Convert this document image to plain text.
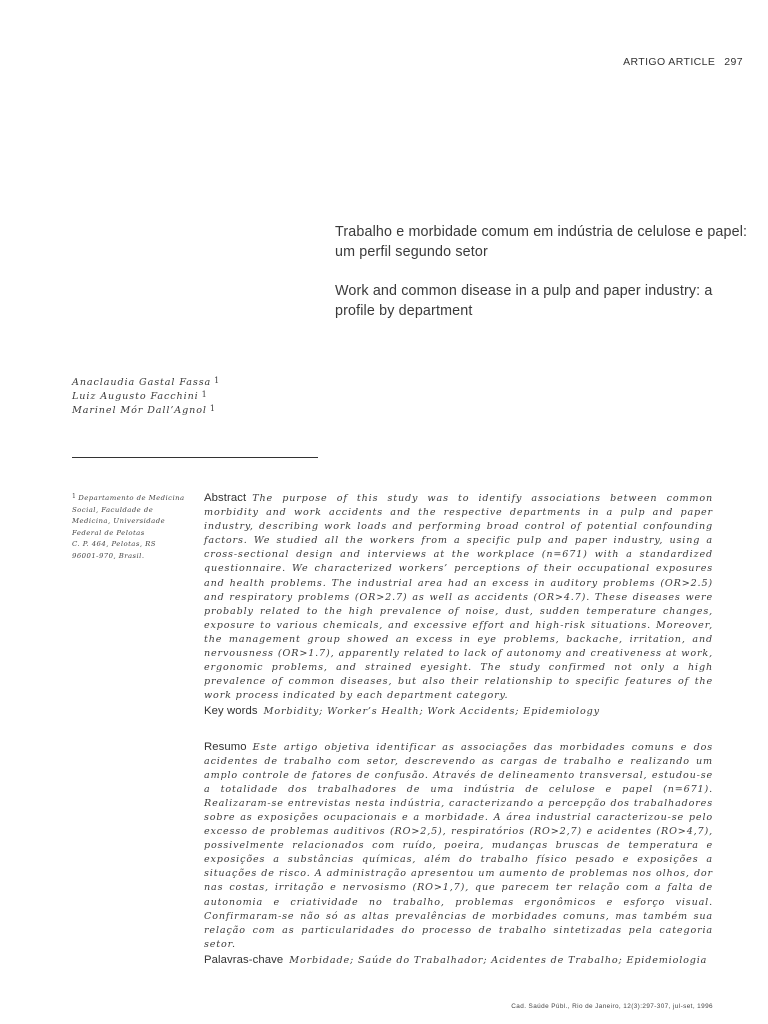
ARTIGO ARTICLE 297
Trabalho e morbidade comum em indústria de celulose e papel: um perfil segundo setor
Work and common disease in a pulp and paper industry: a profile by department
Anaclaudia Gastal Fassa $^1$
Luiz Augusto Facchini $^1$
Marinel Mór Dall’Agnol $^1$
1 Departamento de Medicina
Social, Faculdade de
Medicina, Universidade
Federal de Pelotas
C. P. 464, Pelotas, RS
96001-970, Brasil.

Abstract The purpose of this study was to identify associations between common morbidity and work accidents and the respective departments in a pulp and paper industry, describing work loads and performing broad control of potential confounding factors. We studied all the workers from a specific pulp and paper industry, using a cross-sectional design and interviews at the workplace (n=671) with a standardized questionnaire. We characterized workers’ perceptions of their occupational exposures and health problems. The industrial area had an excess in auditory problems (OR>2.5) and respiratory problems (OR>2.7) as well as accidents (OR>4.7). These diseases were probably related to the high prevalence of noise, dust, sudden temperature changes, exposure to various chemicals, and excessive effort and high-risk situations. Moreover, the management group showed an excess in eye problems, backache, irritation, and nervousness (OR>1.7), apparently related to lack of autonomy and creativeness at work, ergonomic problems, and strained eyesight. The study confirmed not only a high prevalence of common diseases, but also their relationship to specific features of the work process indicated by each department category.

Key words Morbidity; Worker’s Health; Work Accidents; Epidemiology

Resumo Este artigo objetiva identificar as associações das morbidades comuns e dos acidentes de trabalho com setor, descrevendo as cargas de trabalho e realizando um amplo controle de fatores de confusão. Através de delineamento transversal, estudou-se a totalidade dos trabalhadores de uma indústria de celulose e papel (n=671). Realizaram-se entrevistas nesta indústria, caracterizando a percepção dos trabalhadores sobre as exposições ocupacionais e a morbidade. A área industrial caracterizou-se pelo excesso de problemas auditivos (RO>2,5), respiratórios (RO>2,7) e acidentes (RO>4,7), possivelmente relacionados com ruído, poeira, mudanças bruscas de temperatura e exposições a substâncias químicas, além do trabalho físico pesado e exposições a situações de risco. A administração apresentou um aumento de problemas nos olhos, dor nas costas, irritação e nervosismo (RO>1,7), que parecem ter relação com a falta de autonomia e criatividade no trabalho, problemas ergonômicos e esforço visual. Confirmaram-se não só as altas prevalências de morbidades comuns, mas também sua relação com as particularidades do processo de trabalho sintetizadas pela categoria setor.

Palavras-chave Morbidade; Saúde do Trabalhador; Acidentes de Trabalho; Epidemiologia

Cad. Saúde Públ., Rio de Janeiro, 12(3):297-307, jul-set, 1996
